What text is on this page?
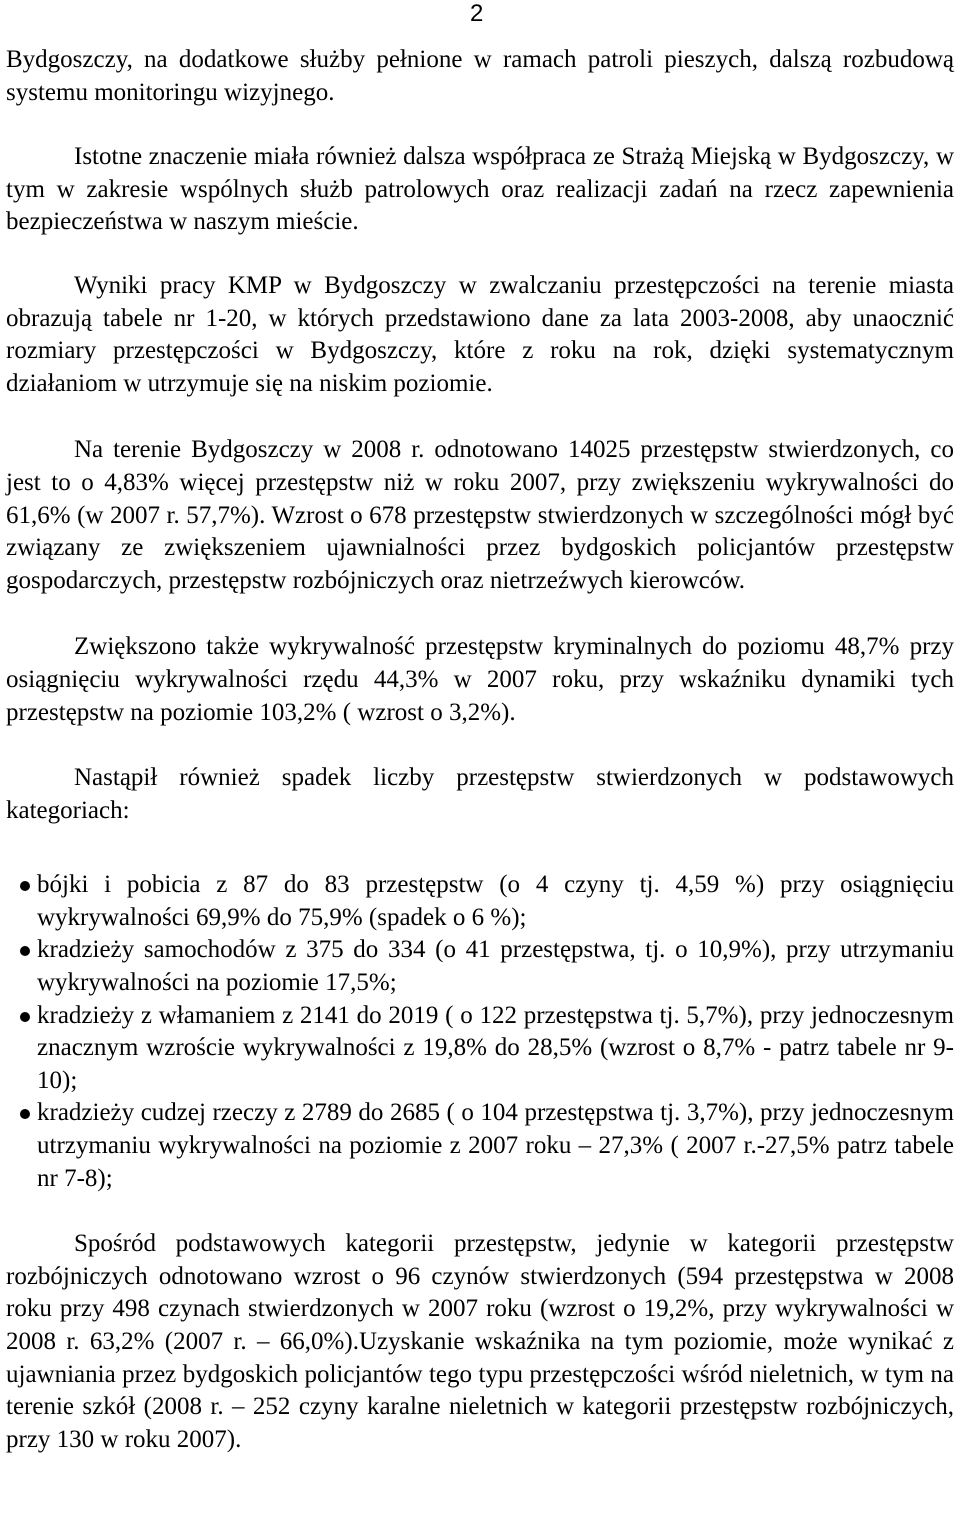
2

Bydgoszczy, na dodatkowe służby pełnione w ramach patroli pieszych, dalszą rozbudową systemu monitoringu wizyjnego.

Istotne znaczenie miała również dalsza współpraca ze Strażą Miejską w Bydgoszczy, w tym w zakresie wspólnych służb patrolowych oraz realizacji zadań na rzecz zapewnienia bezpieczeństwa w naszym mieście.

Wyniki pracy KMP w Bydgoszczy w zwalczaniu przestępczości na terenie miasta obrazują tabele nr 1-20, w których przedstawiono dane za lata 2003-2008, aby unaocznić rozmiary przestępczości w Bydgoszczy, które z roku na rok, dzięki systematycznym działaniom w utrzymuje się na niskim poziomie.

Na terenie Bydgoszczy w 2008 r. odnotowano 14025 przestępstw stwierdzonych, co jest to o 4,83% więcej przestępstw niż w roku 2007, przy zwiększeniu wykrywalności do 61,6% (w 2007 r. 57,7%). Wzrost o 678 przestępstw stwierdzonych w szczególności mógł być związany ze zwiększeniem ujawnialności przez bydgoskich policjantów przestępstw gospodarczych, przestępstw rozbójniczych oraz nietrzeźwych kierowców.

Zwiększono także wykrywalność przestępstw kryminalnych do poziomu 48,7% przy osiągnięciu wykrywalności rzędu 44,3% w 2007 roku, przy wskaźniku dynamiki tych przestępstw na poziomie 103,2% ( wzrost o 3,2%).

Nastąpił również spadek liczby przestępstw stwierdzonych w podstawowych kategoriach:

bójki i pobicia z 87 do 83 przestępstw (o 4 czyny tj. 4,59 %) przy osiągnięciu wykrywalności 69,9% do 75,9% (spadek o 6 %);
kradzieży samochodów z 375 do 334 (o 41 przestępstwa, tj. o 10,9%), przy utrzymaniu wykrywalności na poziomie 17,5%;
kradzieży z włamaniem z 2141 do 2019 ( o 122 przestępstwa tj. 5,7%), przy jednoczesnym znacznym wzroście wykrywalności z 19,8% do 28,5% (wzrost o 8,7% - patrz tabele nr 9-10);
kradzieży cudzej rzeczy z 2789 do 2685 ( o 104 przestępstwa tj. 3,7%), przy jednoczesnym utrzymaniu wykrywalności na poziomie z 2007 roku – 27,3% ( 2007 r.-27,5% patrz tabele nr 7-8);

Spośród podstawowych kategorii przestępstw, jedynie w kategorii przestępstw rozbójniczych odnotowano wzrost o 96 czynów stwierdzonych (594 przestępstwa w 2008 roku przy 498 czynach stwierdzonych w 2007 roku (wzrost o 19,2%, przy wykrywalności w 2008 r. 63,2% (2007 r. – 66,0%).Uzyskanie wskaźnika na tym poziomie, może wynikać z ujawniania przez bydgoskich policjantów tego typu przestępczości wśród nieletnich, w tym na terenie szkół (2008 r. – 252 czyny karalne nieletnich w kategorii przestępstw rozbójniczych, przy 130 w roku 2007).
